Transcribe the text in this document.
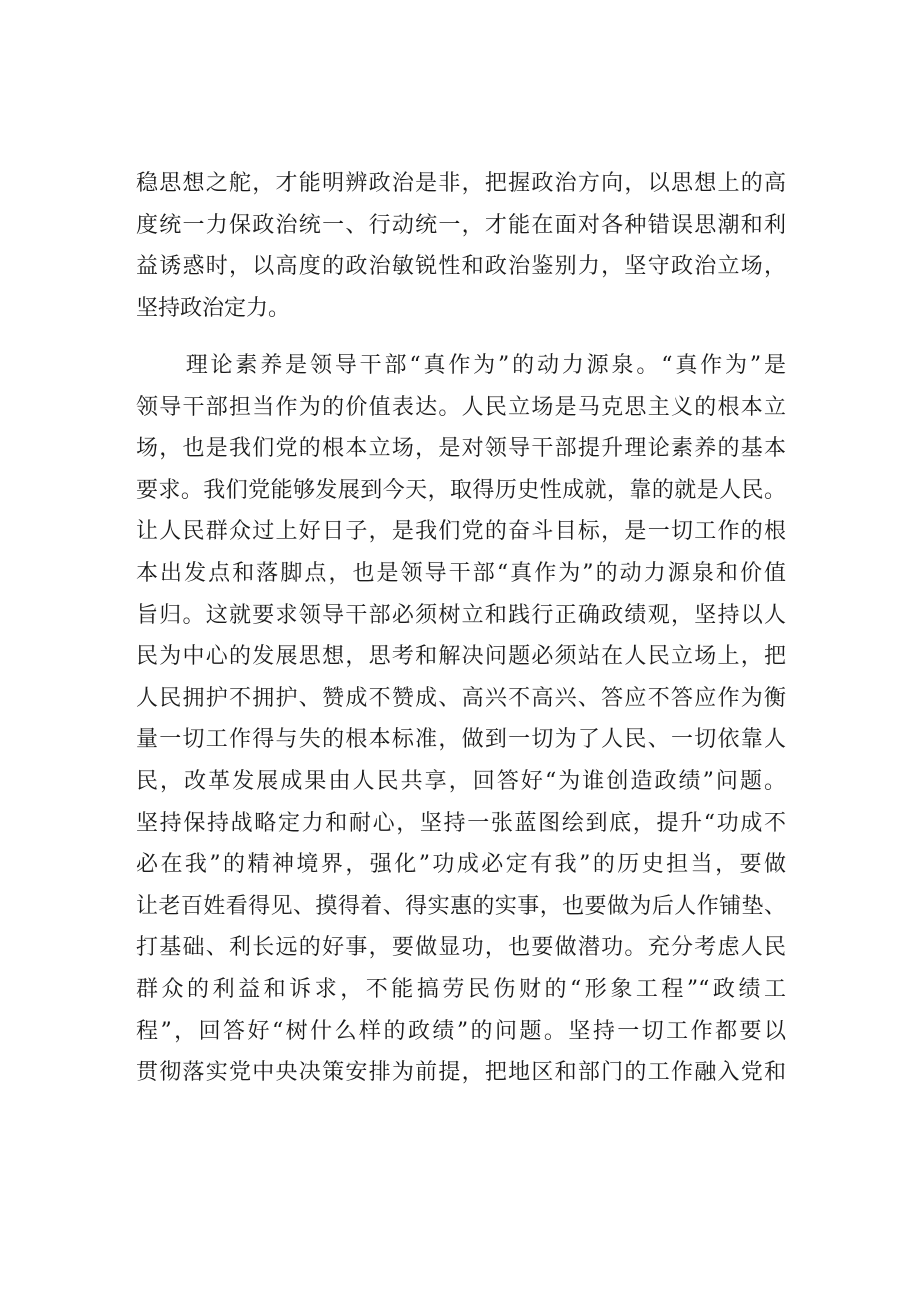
稳思想之舵，才能明辨政治是非，把握政治方向，以思想上的高
度统一力保政治统一、行动统一，才能在面对各种错误思潮和利
益诱惑时，以高度的政治敏锐性和政治鉴别力，坚守政治立场，
坚持政治定力。
　　理论素养是领导干部“真作为”的动力源泉。“真作为”是
领导干部担当作为的价值表达。人民立场是马克思主义的根本立
场，也是我们党的根本立场，是对领导干部提升理论素养的基本
要求。我们党能够发展到今天，取得历史性成就，靠的就是人民。
让人民群众过上好日子，是我们党的奋斗目标，是一切工作的根
本出发点和落脚点，也是领导干部“真作为”的动力源泉和价值
旨归。这就要求领导干部必须树立和践行正确政绩观，坚持以人
民为中心的发展思想，思考和解决问题必须站在人民立场上，把
人民拥护不拥护、赞成不赞成、高兴不高兴、答应不答应作为衡
量一切工作得与失的根本标准，做到一切为了人民、一切依靠人
民，改革发展成果由人民共享，回答好“为谁创造政绩”问题。
坚持保持战略定力和耐心，坚持一张蓝图绘到底，提升“功成不
必在我”的精神境界，强化”功成必定有我”的历史担当，要做
让老百姓看得见、摸得着、得实惠的实事，也要做为后人作铺垫、
打基础、利长远的好事，要做显功，也要做潜功。充分考虑人民
群众的利益和诉求，不能搞劳民伤财的“形象工程”“政绩工
程”，回答好“树什么样的政绩”的问题。坚持一切工作都要以
贯彻落实党中央决策安排为前提，把地区和部门的工作融入党和
